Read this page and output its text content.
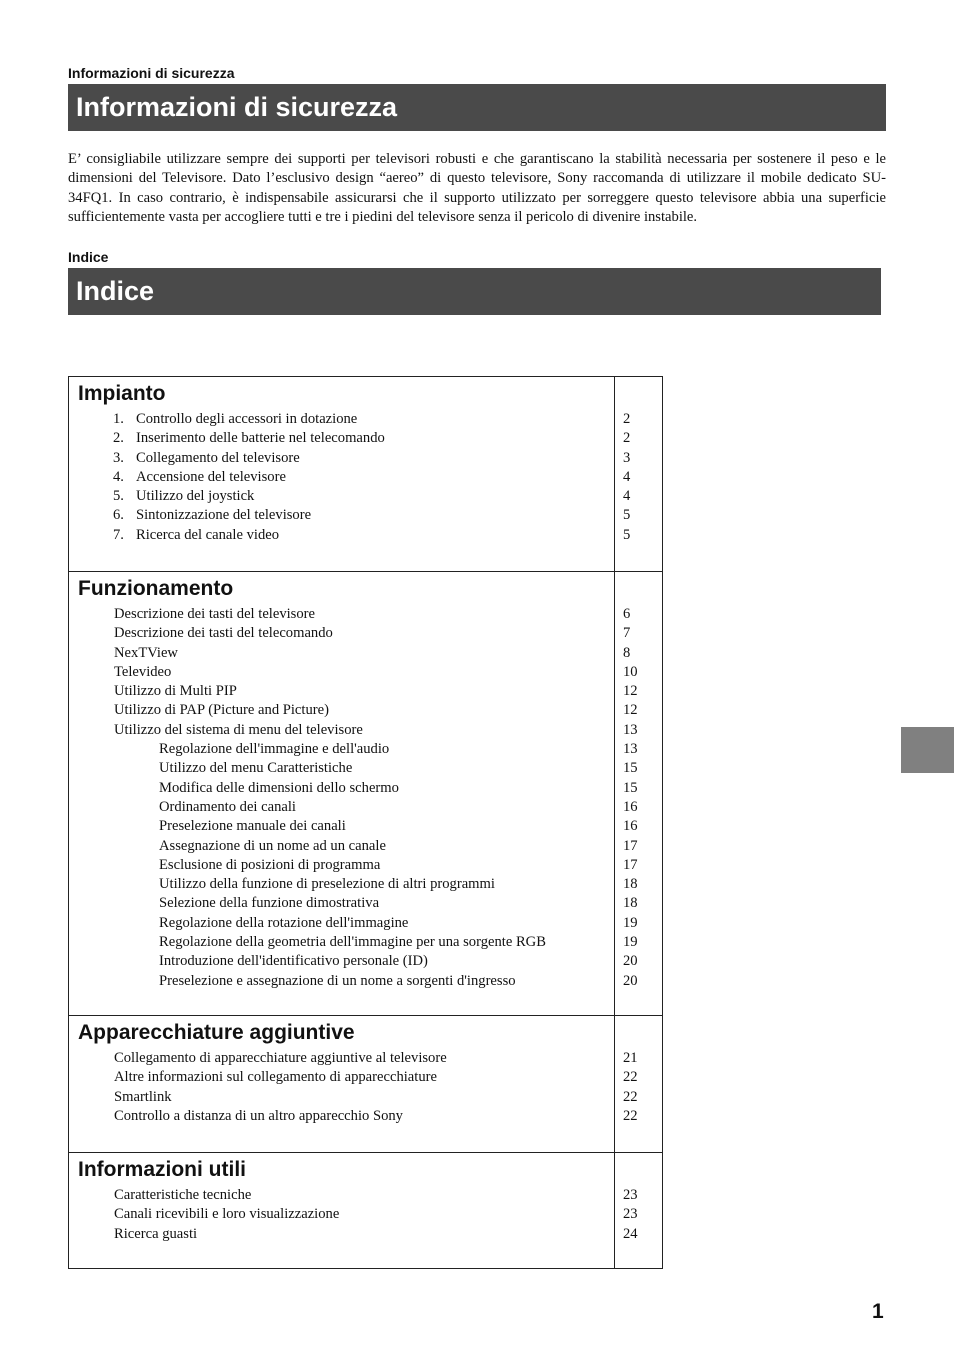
Informazioni di sicurezza
Informazioni di sicurezza

E’ consigliabile utilizzare sempre dei supporti per televisori robusti e che garantiscano la stabilità necessaria per sostenere il peso e le dimensioni del Televisore. Dato l’esclusivo design “aereo” di questo televisore, Sony raccomanda di utilizzare il mobile dedicato SU-34FQ1. In caso contrario, è indispensabile assicurarsi che il supporto utilizzato per sorreggere questo televisore abbia una superficie sufficientemente vasta per accogliere tutti e tre i piedini del televisore senza il pericolo di divenire instabile.

Indice
Indice
Impianto
1. Controllo degli accessori in dotazione	2
2. Inserimento delle batterie nel telecomando	2
3. Collegamento del televisore	3
4. Accensione del televisore	4
5. Utilizzo del joystick	4
6. Sintonizzazione del televisore	5
7. Ricerca del canale video	5
Funzionamento
Descrizione dei tasti del televisore	6
Descrizione dei tasti del telecomando	7
NexTView	8
Televideo	10
Utilizzo di Multi PIP	12
Utilizzo di PAP (Picture and Picture)	12
Utilizzo del sistema di menu del televisore	13
Regolazione dell'immagine e dell'audio	13
Utilizzo del menu Caratteristiche	15
Modifica delle dimensioni dello schermo	15
Ordinamento dei canali	16
Preselezione manuale dei canali	16
Assegnazione di un nome ad un canale	17
Esclusione di posizioni di programma	17
Utilizzo della funzione di preselezione di altri programmi	18
Selezione della funzione dimostrativa	18
Regolazione della rotazione dell'immagine	19
Regolazione della geometria dell'immagine per una sorgente RGB	19
Introduzione dell'identificativo personale (ID)	20
Preselezione e assegnazione di un nome a sorgenti d'ingresso	20
Apparecchiature aggiuntive
Collegamento di apparecchiature aggiuntive al televisore	21
Altre informazioni sul collegamento di apparecchiature	22
Smartlink	22
Controllo a distanza di un altro apparecchio Sony	22
Informazioni utili
Caratteristiche tecniche	23
Canali ricevibili e loro visualizzazione	23
Ricerca guasti	24
1
